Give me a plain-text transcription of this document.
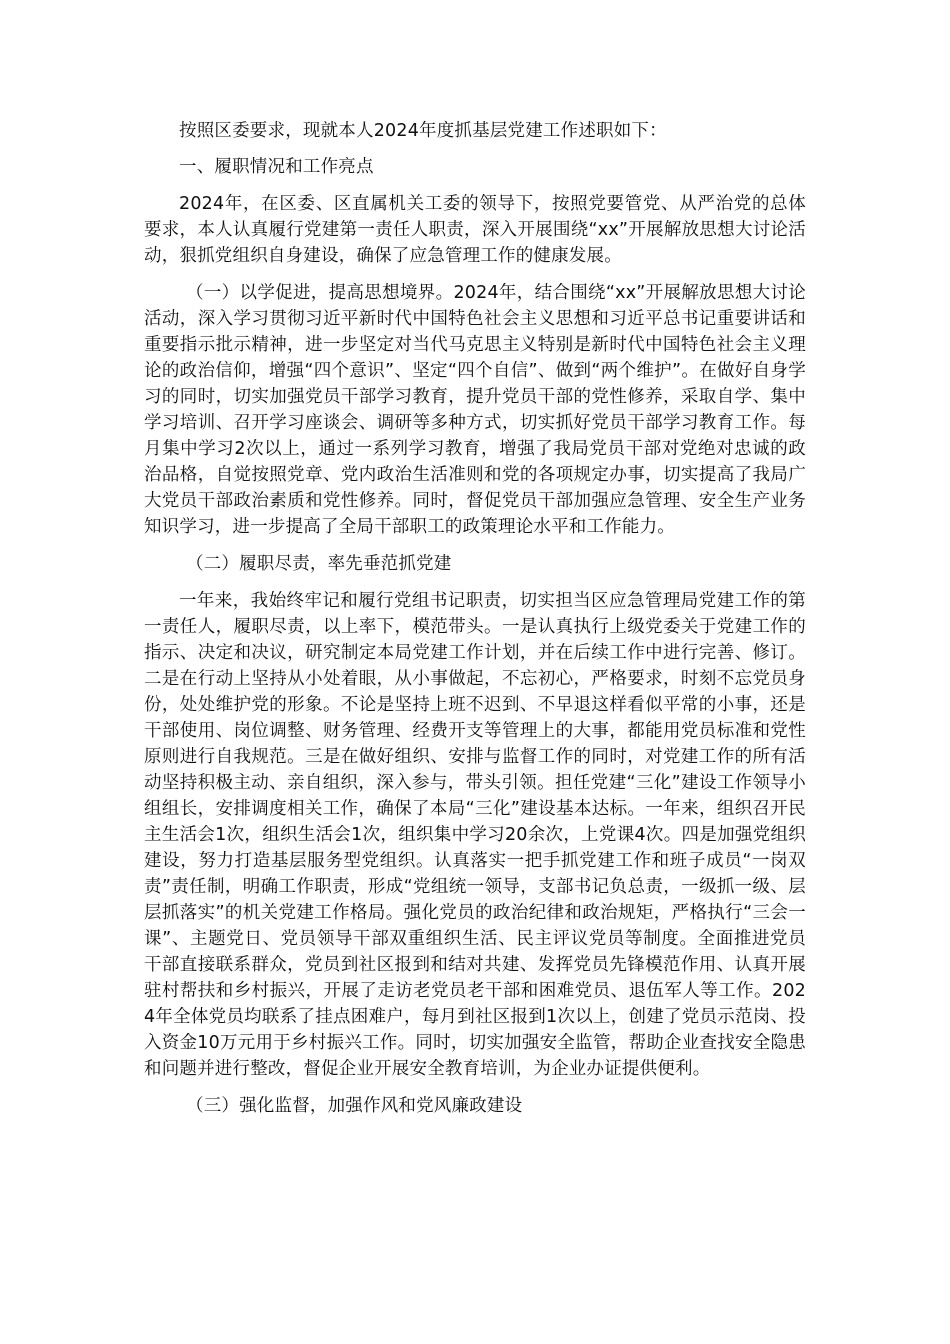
按照区委要求，现就本人2024年度抓基层党建工作述职如下：

一、履职情况和工作亮点

2024年，在区委、区直属机关工委的领导下，按照党要管党、从严治党的总体要求，本人认真履行党建第一责任人职责，深入开展围绕“xx”开展解放思想大讨论活动，狠抓党组织自身建设，确保了应急管理工作的健康发展。

（一）以学促进，提高思想境界。2024年，结合围绕“xx”开展解放思想大讨论活动，深入学习贯彻习近平新时代中国特色社会主义思想和习近平总书记重要讲话和重要指示批示精神，进一步坚定对当代马克思主义特别是新时代中国特色社会主义理论的政治信仰，增强“四个意识”、坚定“四个自信”、做到“两个维护”。在做好自身学习的同时，切实加强党员干部学习教育，提升党员干部的党性修养，采取自学、集中学习培训、召开学习座谈会、调研等多种方式，切实抓好党员干部学习教育工作。每月集中学习2次以上，通过一系列学习教育，增强了我局党员干部对党绝对忠诚的政治品格，自觉按照党章、党内政治生活准则和党的各项规定办事，切实提高了我局广大党员干部政治素质和党性修养。同时，督促党员干部加强应急管理、安全生产业务知识学习，进一步提高了全局干部职工的政策理论水平和工作能力。

（二）履职尽责，率先垂范抓党建

一年来，我始终牢记和履行党组书记职责，切实担当区应急管理局党建工作的第一责任人，履职尽责，以上率下，模范带头。一是认真执行上级党委关于党建工作的指示、决定和决议，研究制定本局党建工作计划，并在后续工作中进行完善、修订。二是在行动上坚持从小处着眼，从小事做起，不忘初心，严格要求，时刻不忘党员身份，处处维护党的形象。不论是坚持上班不迟到、不早退这样看似平常的小事，还是干部使用、岗位调整、财务管理、经费开支等管理上的大事，都能用党员标准和党性原则进行自我规范。三是在做好组织、安排与监督工作的同时，对党建工作的所有活动坚持积极主动、亲自组织，深入参与，带头引领。担任党建“三化”建设工作领导小组组长，安排调度相关工作，确保了本局“三化”建设基本达标。一年来，组织召开民主生活会1次，组织生活会1次，组织集中学习20余次，上党课4次。四是加强党组织建设，努力打造基层服务型党组织。认真落实一把手抓党建工作和班子成员“一岗双责”责任制，明确工作职责，形成“党组统一领导，支部书记负总责，一级抓一级、层层抓落实”的机关党建工作格局。强化党员的政治纪律和政治规矩，严格执行“三会一课”、主题党日、党员领导干部双重组织生活、民主评议党员等制度。全面推进党员干部直接联系群众，党员到社区报到和结对共建、发挥党员先锋模范作用、认真开展驻村帮扶和乡村振兴，开展了走访老党员老干部和困难党员、退伍军人等工作。2024年全体党员均联系了挂点困难户，每月到社区报到1次以上，创建了党员示范岗、投入资金10万元用于乡村振兴工作。同时，切实加强安全监管，帮助企业查找安全隐患和问题并进行整改，督促企业开展安全教育培训，为企业办证提供便利。

（三）强化监督，加强作风和党风廉政建设
